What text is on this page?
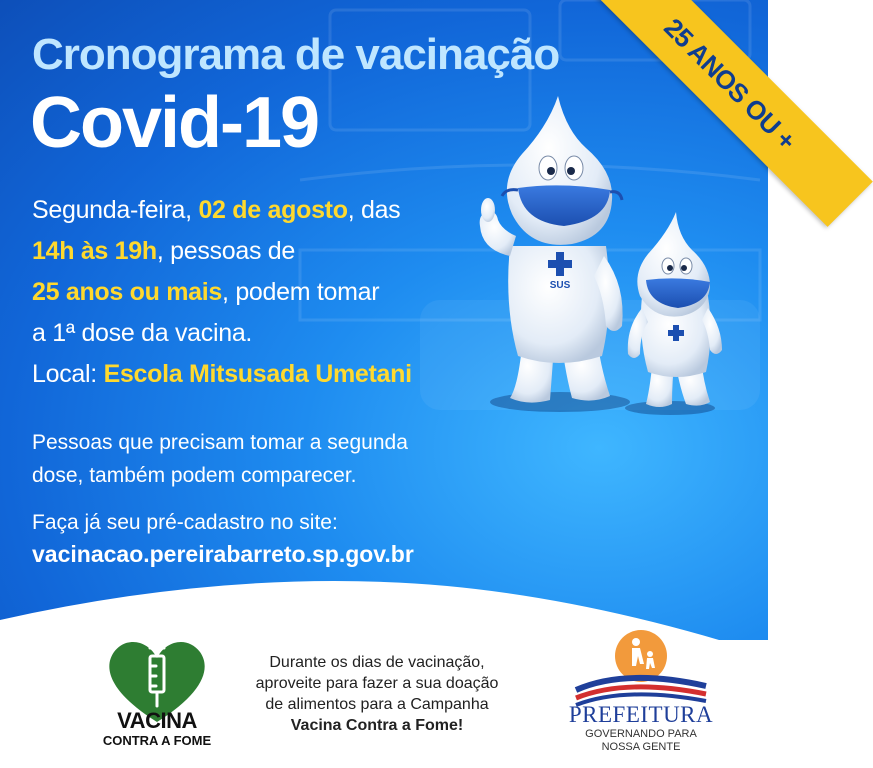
25 ANOS OU +
Cronograma de vacinação
Covid-19
Segunda-feira, 02 de agosto, das
14h às 19h, pessoas de
25 anos ou mais, podem tomar
a 1ª dose da vacina.
Local: Escola Mitsusada Umetani
Pessoas que precisam tomar a segunda
dose, também podem comparecer.
Faça já seu pré-cadastro no site:
vacinacao.pereirabarreto.sp.gov.br
SUS
VACINA
CONTRA A FOME
Durante os dias de vacinação,
aproveite para fazer a sua doação
de alimentos para a Campanha
Vacina Contra a Fome!	PREFEITURA
GOVERNANDO PARA
NOSSA GENTE
